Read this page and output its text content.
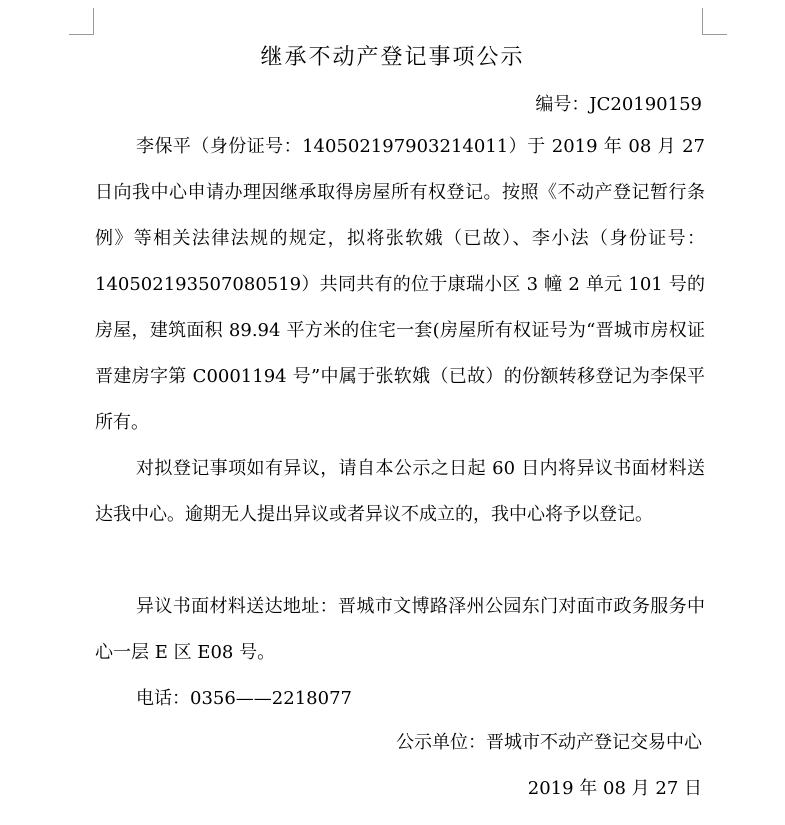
继承不动产登记事项公示
编号：JC20190159

李保平（身份证号：140502197903214011）于 2019 年 08 月 27 日向我中心申请办理因继承取得房屋所有权登记。按照《不动产登记暂行条例》等相关法律法规的规定，拟将张软娥（已故）、李小法（身份证号：140502193507080519）共同共有的位于康瑞小区 3 幢 2 单元 101 号的房屋，建筑面积 89.94 平方米的住宅一套(房屋所有权证号为“晋城市房权证晋建房字第 C0001194 号”中属于张软娥（已故）的份额转移登记为李保平所有。

对拟登记事项如有异议，请自本公示之日起 60 日内将异议书面材料送达我中心。逾期无人提出异议或者异议不成立的，我中心将予以登记。

异议书面材料送达地址：晋城市文博路泽州公园东门对面市政务服务中心一层 E 区 E08 号。

电话：0356——2218077

公示单位：晋城市不动产登记交易中心
2019 年 08 月 27 日
